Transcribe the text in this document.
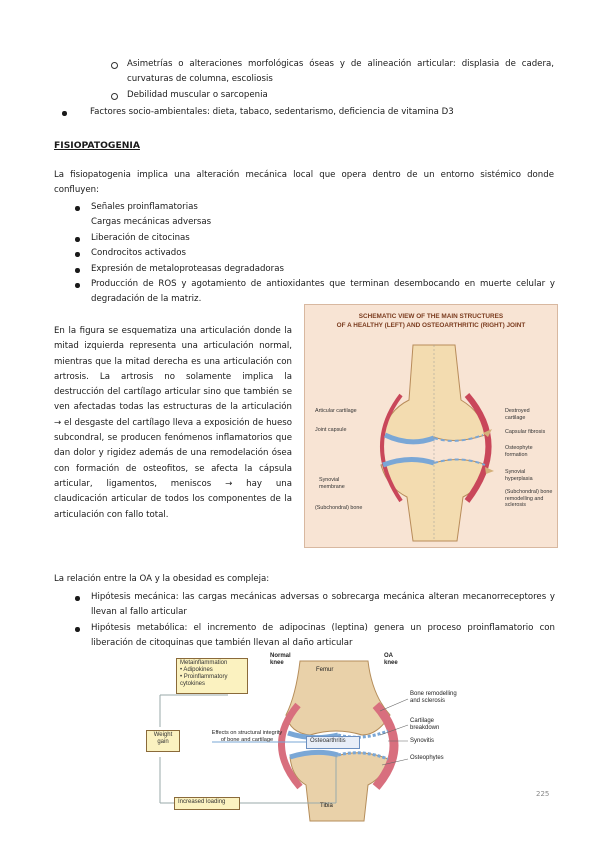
Asimetrías o alteraciones morfológicas óseas y de alineación articular: displasia de cadera, curvaturas de columna, escoliosis
Debilidad muscular o sarcopenia
Factores socio-ambientales: dieta, tabaco, sedentarismo, deficiencia de vitamina D3
FISIOPATOGENIA
La fisiopatogenia implica una alteración mecánica local que opera dentro de un entorno sistémico donde confluyen:
Señales proinflamatorias
Cargas mecánicas adversas
Liberación de citocinas
Condrocitos activados
Expresión de metaloproteasas degradadoras
Producción de ROS y agotamiento de antioxidantes que terminan desembocando en muerte celular y degradación de la matriz.
En la figura se esquematiza una articulación donde la mitad izquierda representa una articulación normal, mientras que la mitad derecha es una articulación con artrosis. La artrosis no solamente implica la destrucción del cartílago articular sino que también se ven afectadas todas las estructuras de la articulación → el desgaste del cartílago lleva a exposición de hueso subcondral, se producen fenómenos inflamatorios que dan dolor y rigidez además de una remodelación ósea con formación de osteofitos, se afecta la cápsula articular, ligamentos, meniscos → hay una claudicación articular de todos los componentes de la articulación con fallo total.
SCHEMATIC VIEW OF THE MAIN STRUCTURES
OF A HEALTHY (LEFT) AND OSTEOARTHRITIC (RIGHT) JOINT
Articular cartilage
Joint capsule
Synovial membrane
(Subchondral) bone
Destroyed cartilage
Capsular fibrosis
Osteophyte formation
Synovial hyperplasia
(Subchondral) bone remodelling and sclerosis
La relación entre la OA y la obesidad es compleja:
Hipótesis mecánica: las cargas mecánicas adversas o sobrecarga mecánica alteran mecanorreceptores y llevan al fallo articular
Hipótesis metabólica: el incremento de adipocinas (leptina) genera un proceso proinflamatorio con liberación de citoquinas que también llevan al daño articular
Metainflammation
• Adipokines
• Proinflammatory cytokines
Weight gain
Increased loading
Effects on structural integrity of bone and cartilage	Osteoarthritis
Normal knee
Femur
OA knee
Tibia
Bone remodelling and sclerosis
Cartilage breakdown
Synovitis
Osteophytes
225
